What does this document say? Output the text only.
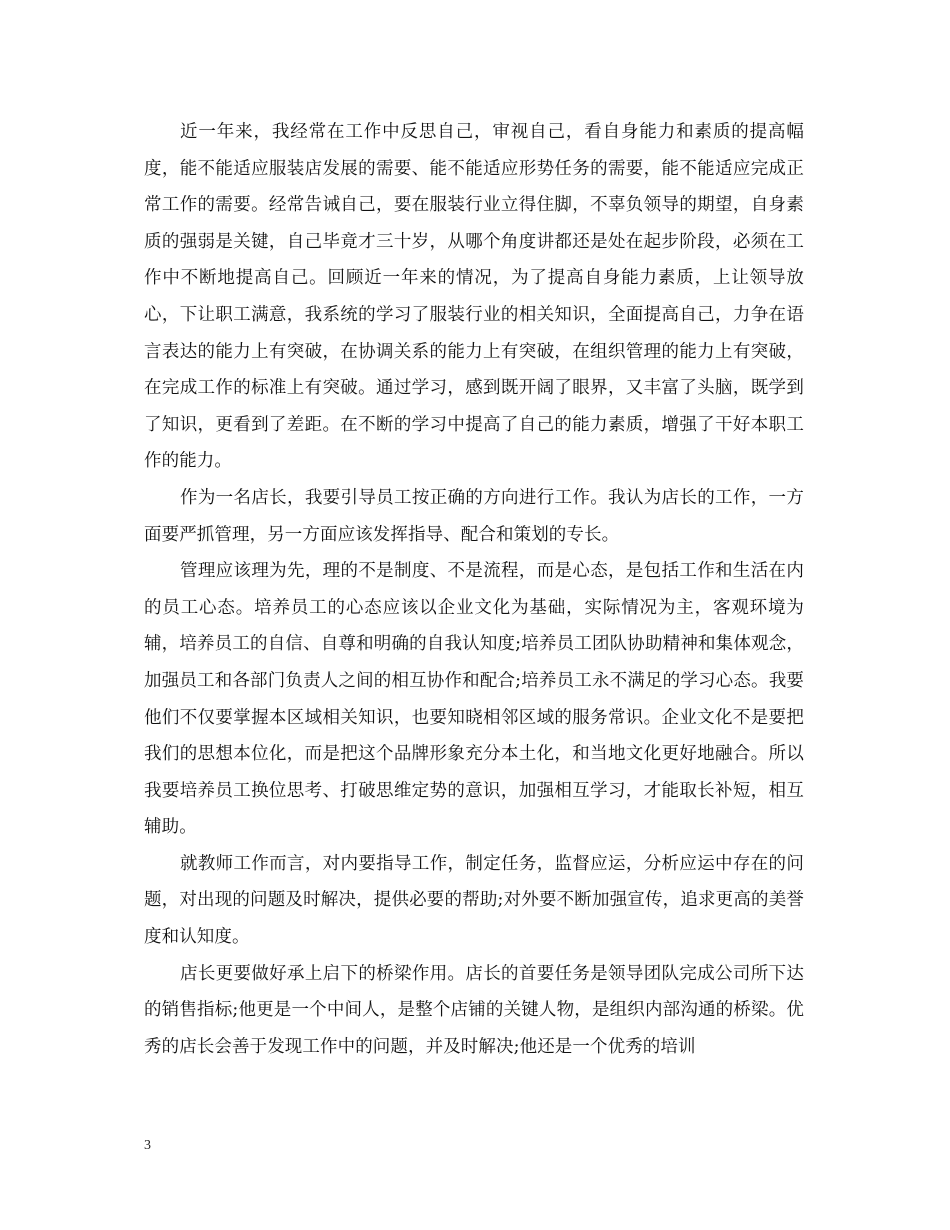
近一年来，我经常在工作中反思自己，审视自己，看自身能力和素质的提高幅度，能不能适应服装店发展的需要、能不能适应形势任务的需要，能不能适应完成正常工作的需要。经常告诫自己，要在服装行业立得住脚，不辜负领导的期望，自身素质的强弱是关键，自己毕竟才三十岁，从哪个角度讲都还是处在起步阶段，必须在工作中不断地提高自己。回顾近一年来的情况，为了提高自身能力素质，上让领导放心，下让职工满意，我系统的学习了服装行业的相关知识，全面提高自己，力争在语言表达的能力上有突破，在协调关系的能力上有突破，在组织管理的能力上有突破，在完成工作的标准上有突破。通过学习，感到既开阔了眼界，又丰富了头脑，既学到了知识，更看到了差距。在不断的学习中提高了自己的能力素质，增强了干好本职工作的能力。

作为一名店长，我要引导员工按正确的方向进行工作。我认为店长的工作，一方面要严抓管理，另一方面应该发挥指导、配合和策划的专长。

管理应该理为先，理的不是制度、不是流程，而是心态，是包括工作和生活在内的员工心态。培养员工的心态应该以企业文化为基础，实际情况为主，客观环境为辅，培养员工的自信、自尊和明确的自我认知度;培养员工团队协助精神和集体观念，加强员工和各部门负责人之间的相互协作和配合;培养员工永不满足的学习心态。我要他们不仅要掌握本区域相关知识，也要知晓相邻区域的服务常识。企业文化不是要把我们的思想本位化，而是把这个品牌形象充分本土化，和当地文化更好地融合。所以我要培养员工换位思考、打破思维定势的意识，加强相互学习，才能取长补短，相互辅助。

就教师工作而言，对内要指导工作，制定任务，监督应运，分析应运中存在的问题，对出现的问题及时解决，提供必要的帮助;对外要不断加强宣传，追求更高的美誉度和认知度。

店长更要做好承上启下的桥梁作用。店长的首要任务是领导团队完成公司所下达的销售指标;他更是一个中间人，是整个店铺的关键人物，是组织内部沟通的桥梁。优秀的店长会善于发现工作中的问题，并及时解决;他还是一个优秀的培训

3
